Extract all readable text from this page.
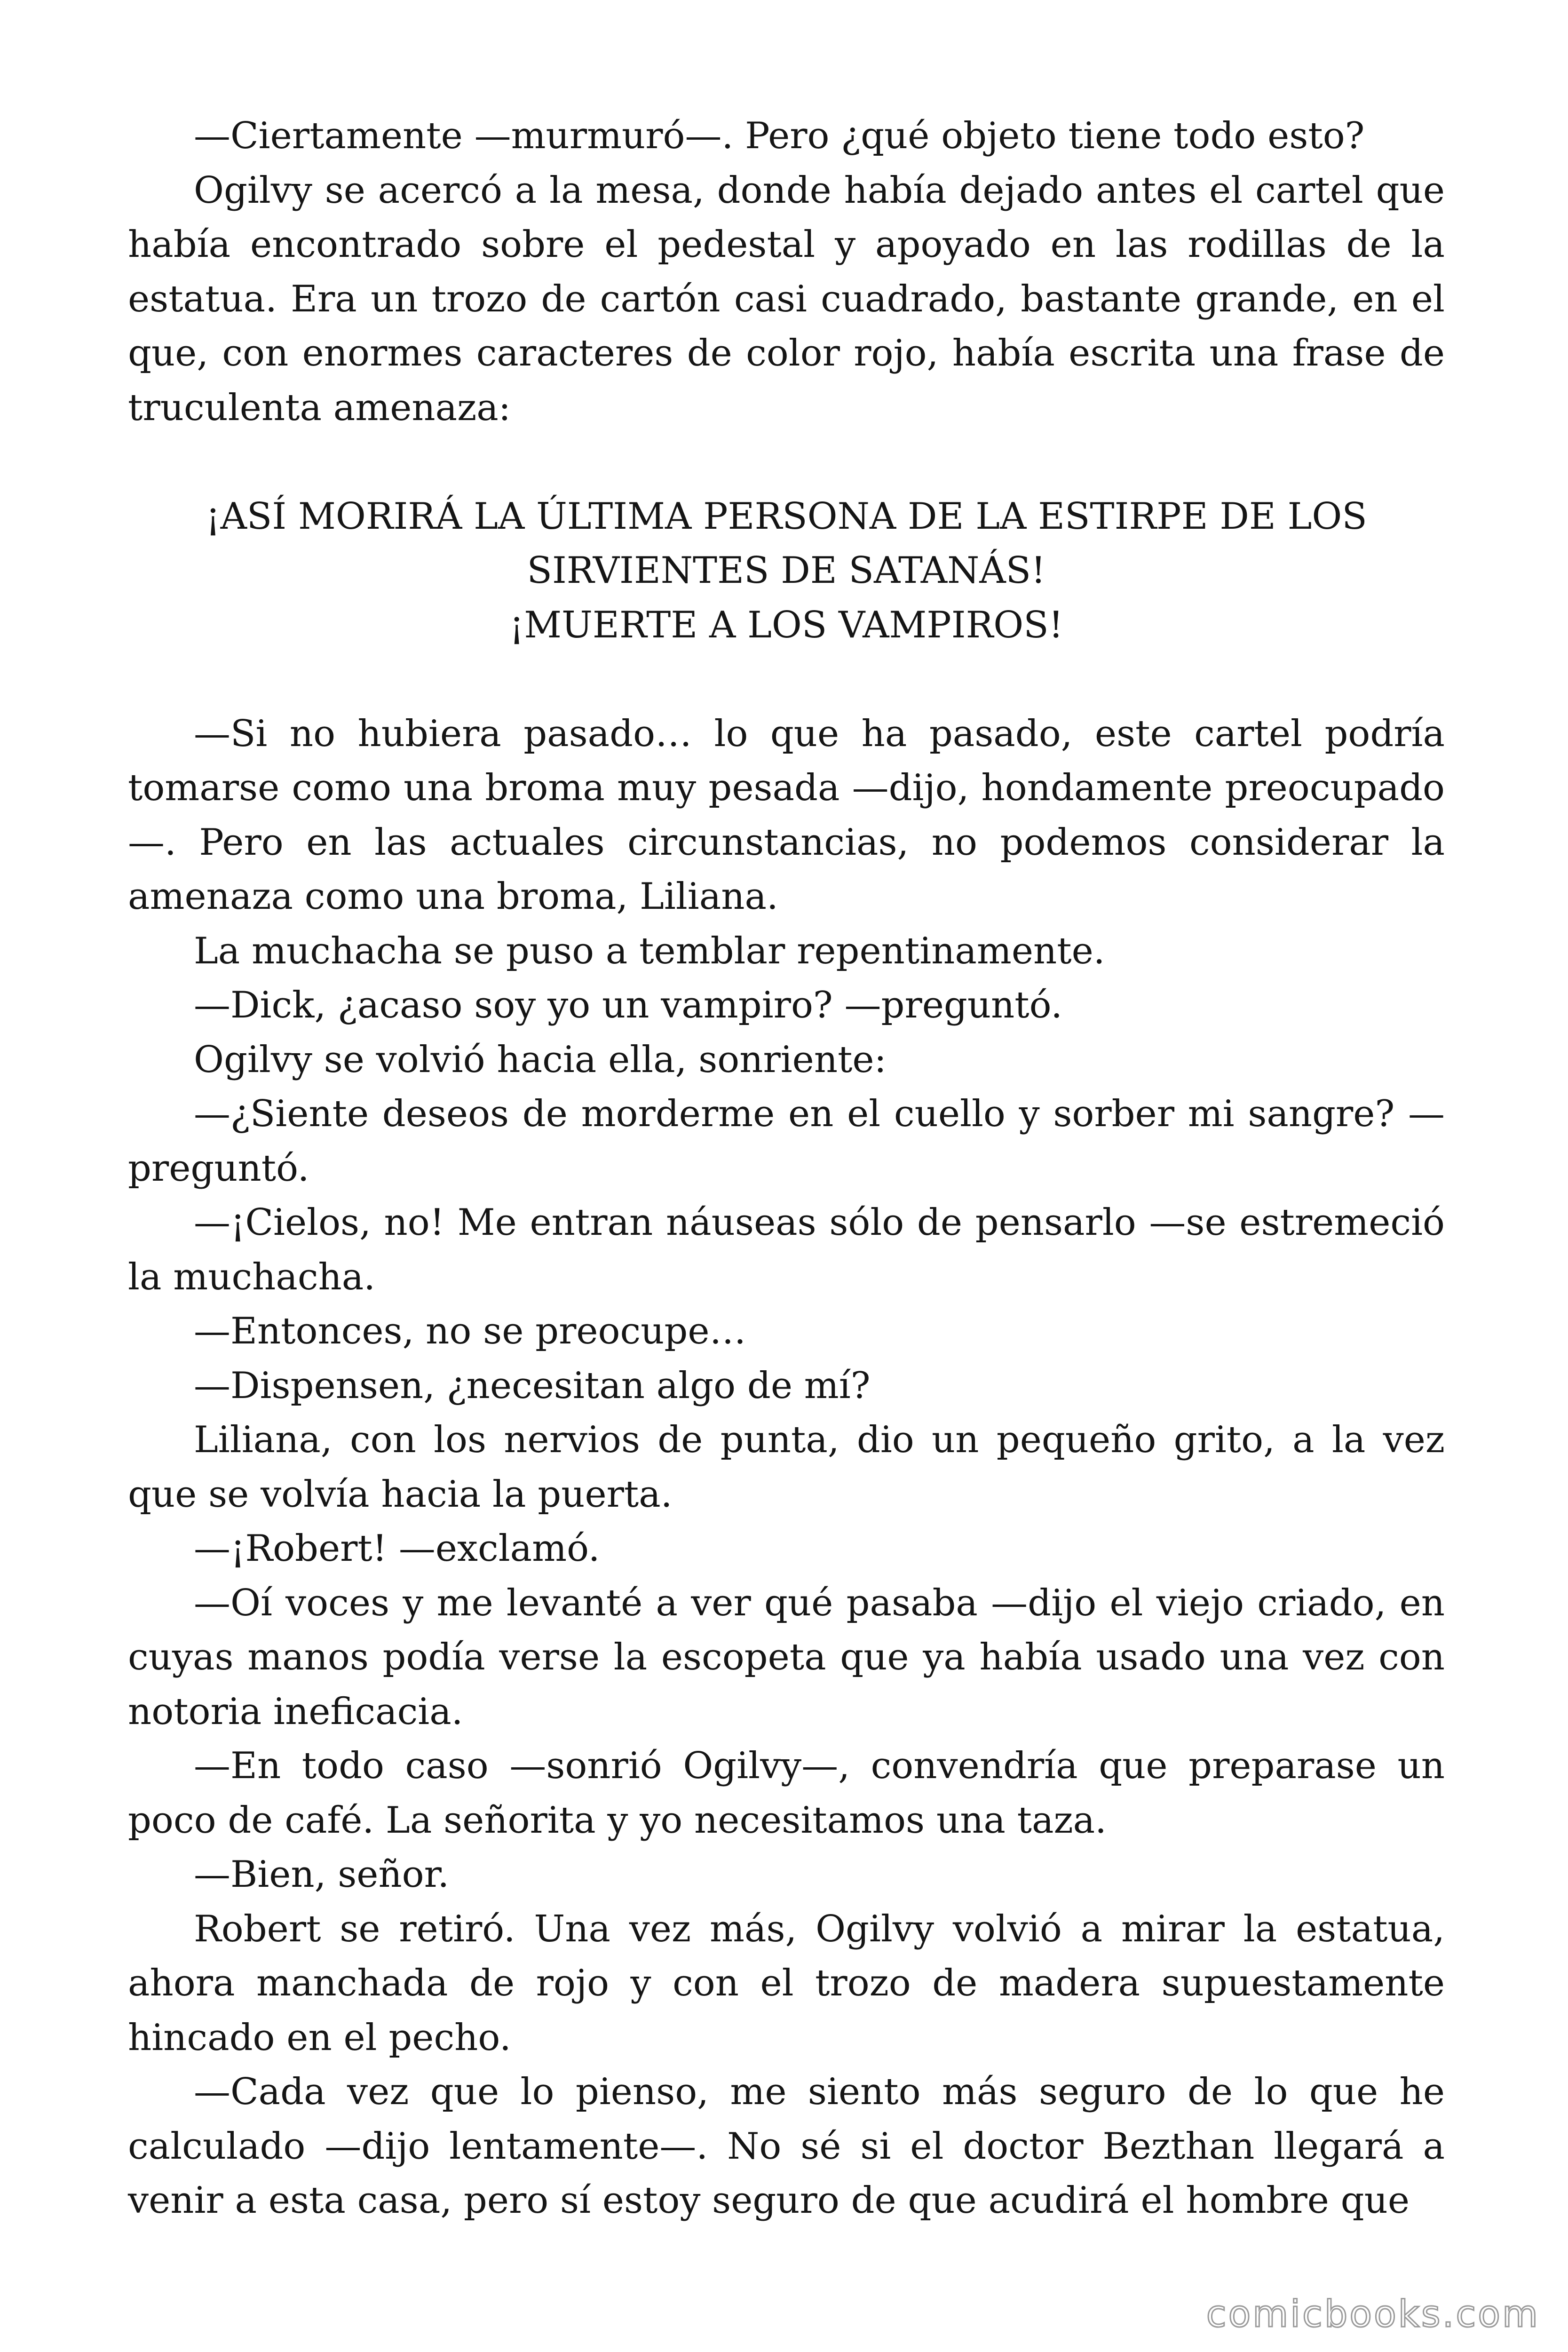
—Ciertamente —murmuró—. Pero ¿qué objeto tiene todo esto?

Ogilvy se acercó a la mesa, donde había dejado antes el cartel que había encontrado sobre el pedestal y apoyado en las rodillas de la estatua. Era un trozo de cartón casi cuadrado, bastante grande, en el que, con enormes caracteres de color rojo, había escrita una frase de truculenta amenaza:

¡ASÍ MORIRÁ LA ÚLTIMA PERSONA DE LA ESTIRPE DE LOS
SIRVIENTES DE SATANÁS!
¡MUERTE A LOS VAMPIROS!

—Si no hubiera pasado… lo que ha pasado, este cartel podría tomarse como una broma muy pesada —dijo, hondamente preocupado—. Pero en las actuales circunstancias, no podemos considerar la amenaza como una broma, Liliana.

La muchacha se puso a temblar repentinamente.

—Dick, ¿acaso soy yo un vampiro? —preguntó.

Ogilvy se volvió hacia ella, sonriente:

—¿Siente deseos de morderme en el cuello y sorber mi sangre? —preguntó.

—¡Cielos, no! Me entran náuseas sólo de pensarlo —se estremeció la muchacha.

—Entonces, no se preocupe…

—Dispensen, ¿necesitan algo de mí?

Liliana, con los nervios de punta, dio un pequeño grito, a la vez que se volvía hacia la puerta.

—¡Robert! —exclamó.

—Oí voces y me levanté a ver qué pasaba —dijo el viejo criado, en cuyas manos podía verse la escopeta que ya había usado una vez con notoria ineficacia.

—En todo caso —sonrió Ogilvy—, convendría que preparase un poco de café. La señorita y yo necesitamos una taza.

—Bien, señor.

Robert se retiró. Una vez más, Ogilvy volvió a mirar la estatua, ahora manchada de rojo y con el trozo de madera supuestamente hincado en el pecho.

—Cada vez que lo pienso, me siento más seguro de lo que he calculado —dijo lentamente—. No sé si el doctor Bezthan llegará a venir a esta casa, pero sí estoy seguro de que acudirá el hombre que

comicbooks.com
